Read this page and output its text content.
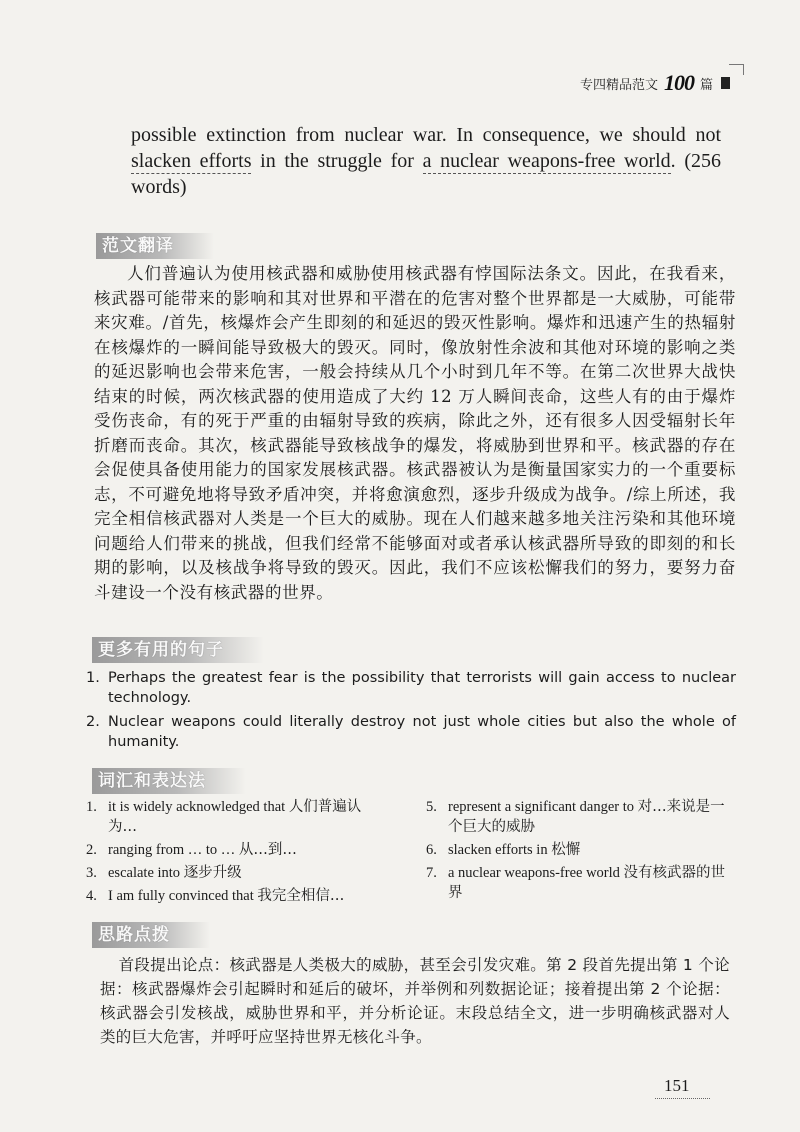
专四精品范文 100 篇
possible extinction from nuclear war. In consequence, we should not slacken efforts in the struggle for a nuclear weapons-free world. (256 words)
范文翻译

人们普遍认为使用核武器和威胁使用核武器有悖国际法条文。因此，在我看来，核武器可能带来的影响和其对世界和平潜在的危害对整个世界都是一大威胁，可能带来灾难。/首先，核爆炸会产生即刻的和延迟的毁灭性影响。爆炸和迅速产生的热辐射在核爆炸的一瞬间能导致极大的毁灭。同时，像放射性余波和其他对环境的影响之类的延迟影响也会带来危害，一般会持续从几个小时到几年不等。在第二次世界大战快结束的时候，两次核武器的使用造成了大约 12 万人瞬间丧命，这些人有的由于爆炸受伤丧命，有的死于严重的由辐射导致的疾病，除此之外，还有很多人因受辐射长年折磨而丧命。其次，核武器能导致核战争的爆发，将威胁到世界和平。核武器的存在会促使具备使用能力的国家发展核武器。核武器被认为是衡量国家实力的一个重要标志，不可避免地将导致矛盾冲突，并将愈演愈烈，逐步升级成为战争。/综上所述，我完全相信核武器对人类是一个巨大的威胁。现在人们越来越多地关注污染和其他环境问题给人们带来的挑战，但我们经常不能够面对或者承认核武器所导致的即刻的和长期的影响，以及核战争将导致的毁灭。因此，我们不应该松懈我们的努力，要努力奋斗建设一个没有核武器的世界。

更多有用的句子
1. Perhaps the greatest fear is the possibility that terrorists will gain access to nuclear technology.
2. Nuclear weapons could literally destroy not just whole cities but also the whole of humanity.
词汇和表达法
1. it is widely acknowledged that 人们普遍认为…
2. ranging from … to … 从…到…
3. escalate into 逐步升级
4. I am fully convinced that 我完全相信…
5. represent a significant danger to 对…来说是一个巨大的威胁
6. slacken efforts in 松懈
7. a nuclear weapons-free world 没有核武器的世界
思路点拨

首段提出论点：核武器是人类极大的威胁，甚至会引发灾难。第 2 段首先提出第 1 个论据：核武器爆炸会引起瞬时和延后的破坏，并举例和列数据论证；接着提出第 2 个论据：核武器会引发核战，威胁世界和平，并分析论证。末段总结全文，进一步明确核武器对人类的巨大危害，并呼吁应坚持世界无核化斗争。

151
